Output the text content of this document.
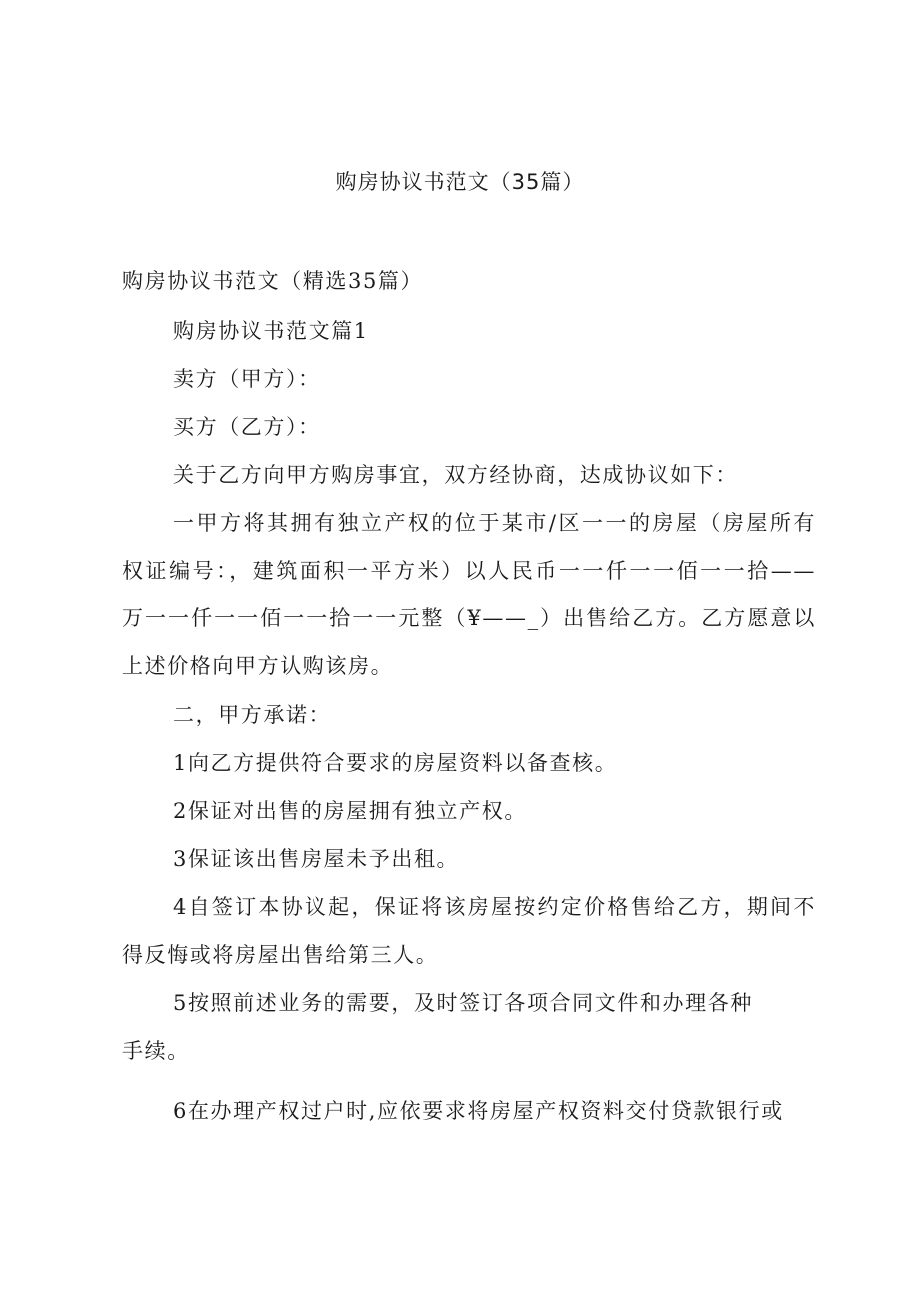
购房协议书范文（35篇）
购房协议书范文（精选35篇）
购房协议书范文篇1
卖方（甲方）：
买方（乙方）：
关于乙方向甲方购房事宜，双方经协商，达成协议如下：
一甲方将其拥有独立产权的位于某市/区一一的房屋（房屋所有
权证编号：，建筑面积一平方米）以人民币一一仟一一佰一一拾——
万一一仟一一佰一一拾一一元整（¥——_）出售给乙方。乙方愿意以
上述价格向甲方认购该房。
二，甲方承诺：
1向乙方提供符合要求的房屋资料以备查核。
2保证对出售的房屋拥有独立产权。
3保证该出售房屋未予出租。
4自签订本协议起，保证将该房屋按约定价格售给乙方，期间不
得反悔或将房屋出售给第三人。
5按照前述业务的需要，及时签订各项合同文件和办理各种
手续。
6在办理产权过户时,应依要求将房屋产权资料交付贷款银行或
